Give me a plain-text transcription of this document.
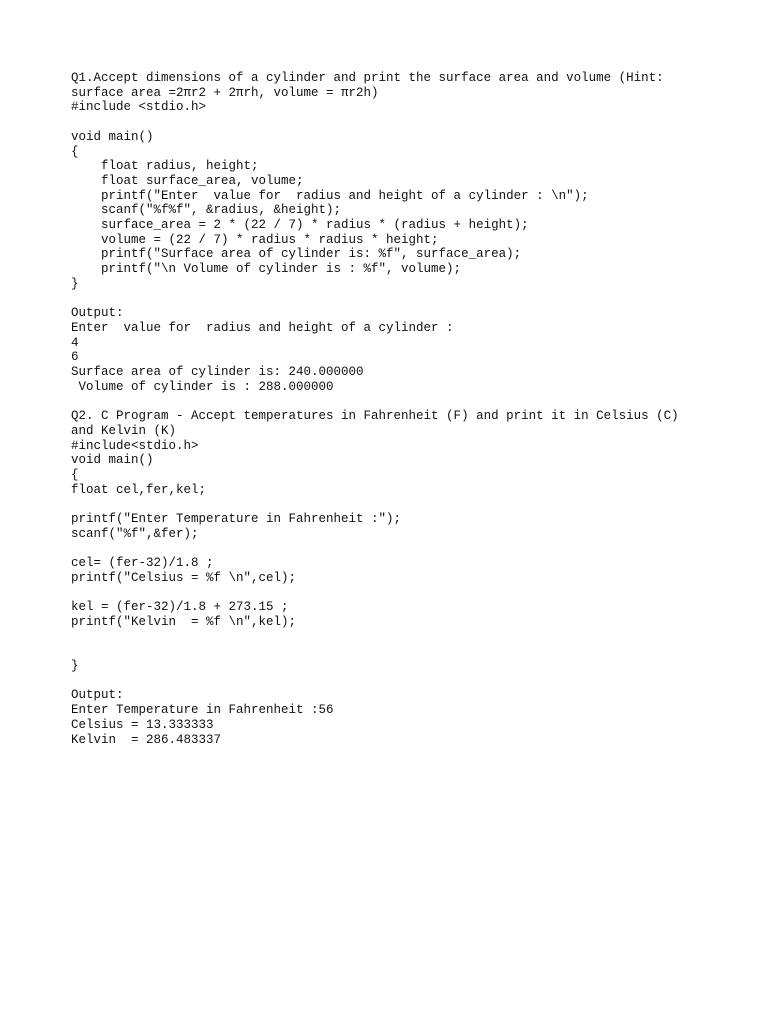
Q1.Accept dimensions of a cylinder and print the surface area and volume (Hint:
surface area =2πr2 + 2πrh, volume = πr2h)
#include <stdio.h>
void main()
{
float radius, height;
float surface_area, volume;
printf("Enter  value for  radius and height of a cylinder : \n");
scanf("%f%f", &radius, &height);
surface_area = 2 * (22 / 7) * radius * (radius + height);
volume = (22 / 7) * radius * radius * height;
printf("Surface area of cylinder is: %f", surface_area);
printf("\n Volume of cylinder is : %f", volume);
}
Output:
Enter  value for  radius and height of a cylinder :
4
6
Surface area of cylinder is: 240.000000
Volume of cylinder is : 288.000000
Q2. C Program - Accept temperatures in Fahrenheit (F) and print it in Celsius (C)
and Kelvin (K)
#include<stdio.h>
void main()
{
float cel,fer,kel;
printf("Enter Temperature in Fahrenheit :");
scanf("%f",&fer);
cel= (fer-32)/1.8 ;
printf("Celsius = %f \n",cel);
kel = (fer-32)/1.8 + 273.15 ;
printf("Kelvin  = %f \n",kel);
}
Output:
Enter Temperature in Fahrenheit :56
Celsius = 13.333333
Kelvin  = 286.483337
